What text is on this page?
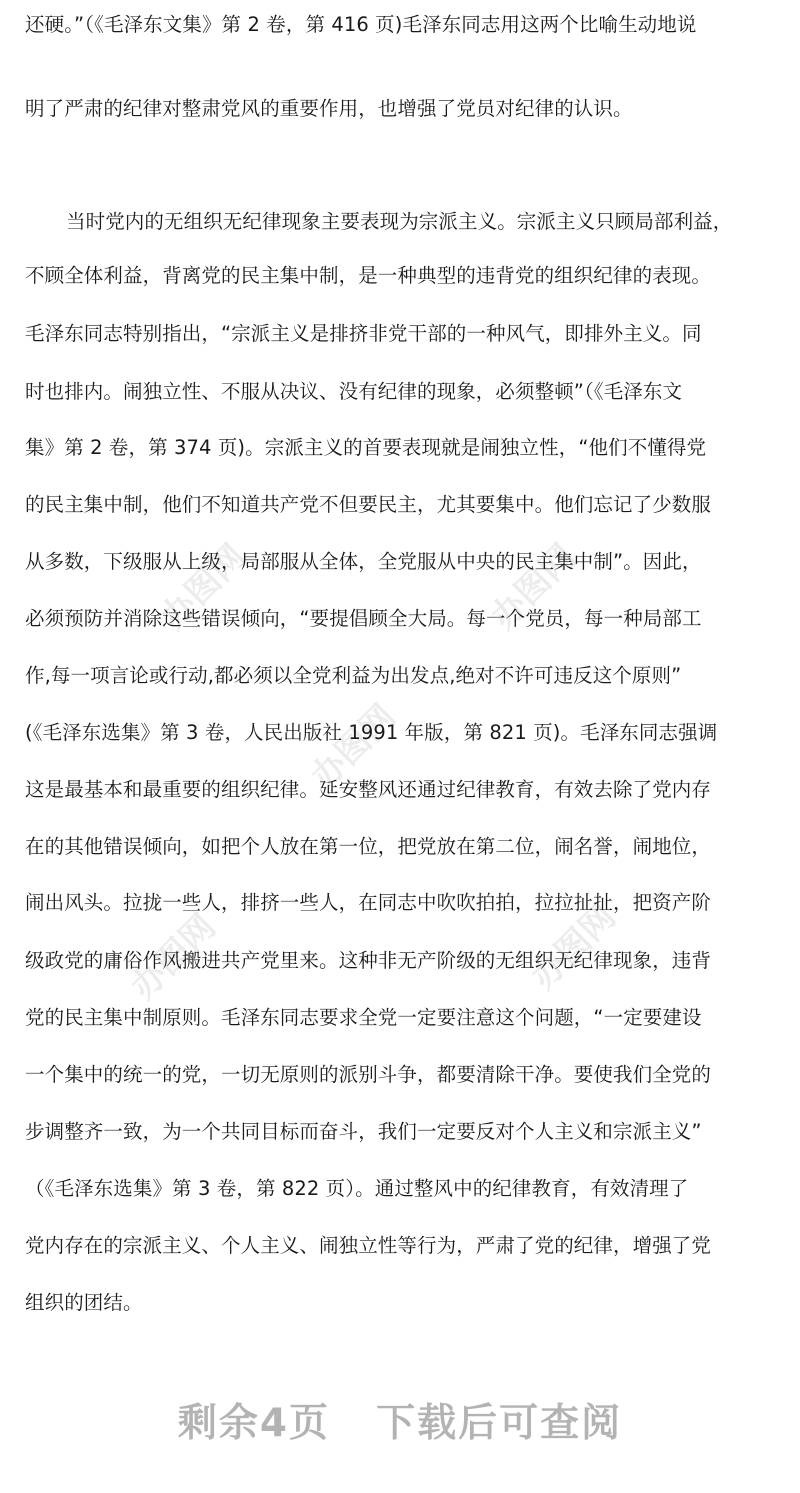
办图网
办图网
办图网
办图网	办图网
还硬。”（《毛泽东文集》第 2 卷，第 416 页)毛泽东同志用这两个比喻生动地说
明了严肃的纪律对整肃党风的重要作用，也增强了党员对纪律的认识。
当时党内的无组织无纪律现象主要表现为宗派主义。宗派主义只顾局部利益，
不顾全体利益，背离党的民主集中制，是一种典型的违背党的组织纪律的表现。
毛泽东同志特别指出，“宗派主义是排挤非党干部的一种风气，即排外主义。同
时也排内。闹独立性、不服从决议、没有纪律的现象，必须整顿”（《毛泽东文
集》第 2 卷，第 374 页)。宗派主义的首要表现就是闹独立性，“他们不懂得党
的民主集中制，他们不知道共产党不但要民主，尤其要集中。他们忘记了少数服
从多数，下级服从上级，局部服从全体，全党服从中央的民主集中制”。因此，
必须预防并消除这些错误倾向，“要提倡顾全大局。每一个党员，每一种局部工
作,每一项言论或行动,都必须以全党利益为出发点,绝对不许可违反这个原则”
(《毛泽东选集》第 3 卷，人民出版社 1991 年版，第 821 页)。毛泽东同志强调
这是最基本和最重要的组织纪律。延安整风还通过纪律教育，有效去除了党内存
在的其他错误倾向，如把个人放在第一位，把党放在第二位，闹名誉，闹地位，
闹出风头。拉拢一些人，排挤一些人，在同志中吹吹拍拍，拉拉扯扯，把资产阶
级政党的庸俗作风搬进共产党里来。这种非无产阶级的无组织无纪律现象，违背
党的民主集中制原则。毛泽东同志要求全党一定要注意这个问题，“一定要建设
一个集中的统一的党，一切无原则的派别斗争，都要清除干净。要使我们全党的
步调整齐一致，为一个共同目标而奋斗，我们一定要反对个人主义和宗派主义”
（《毛泽东选集》第 3 卷，第 822 页）。通过整风中的纪律教育，有效清理了
党内存在的宗派主义、个人主义、闹独立性等行为，严肃了党的纪律，增强了党
组织的团结。
剩余4页 下载后可查阅
